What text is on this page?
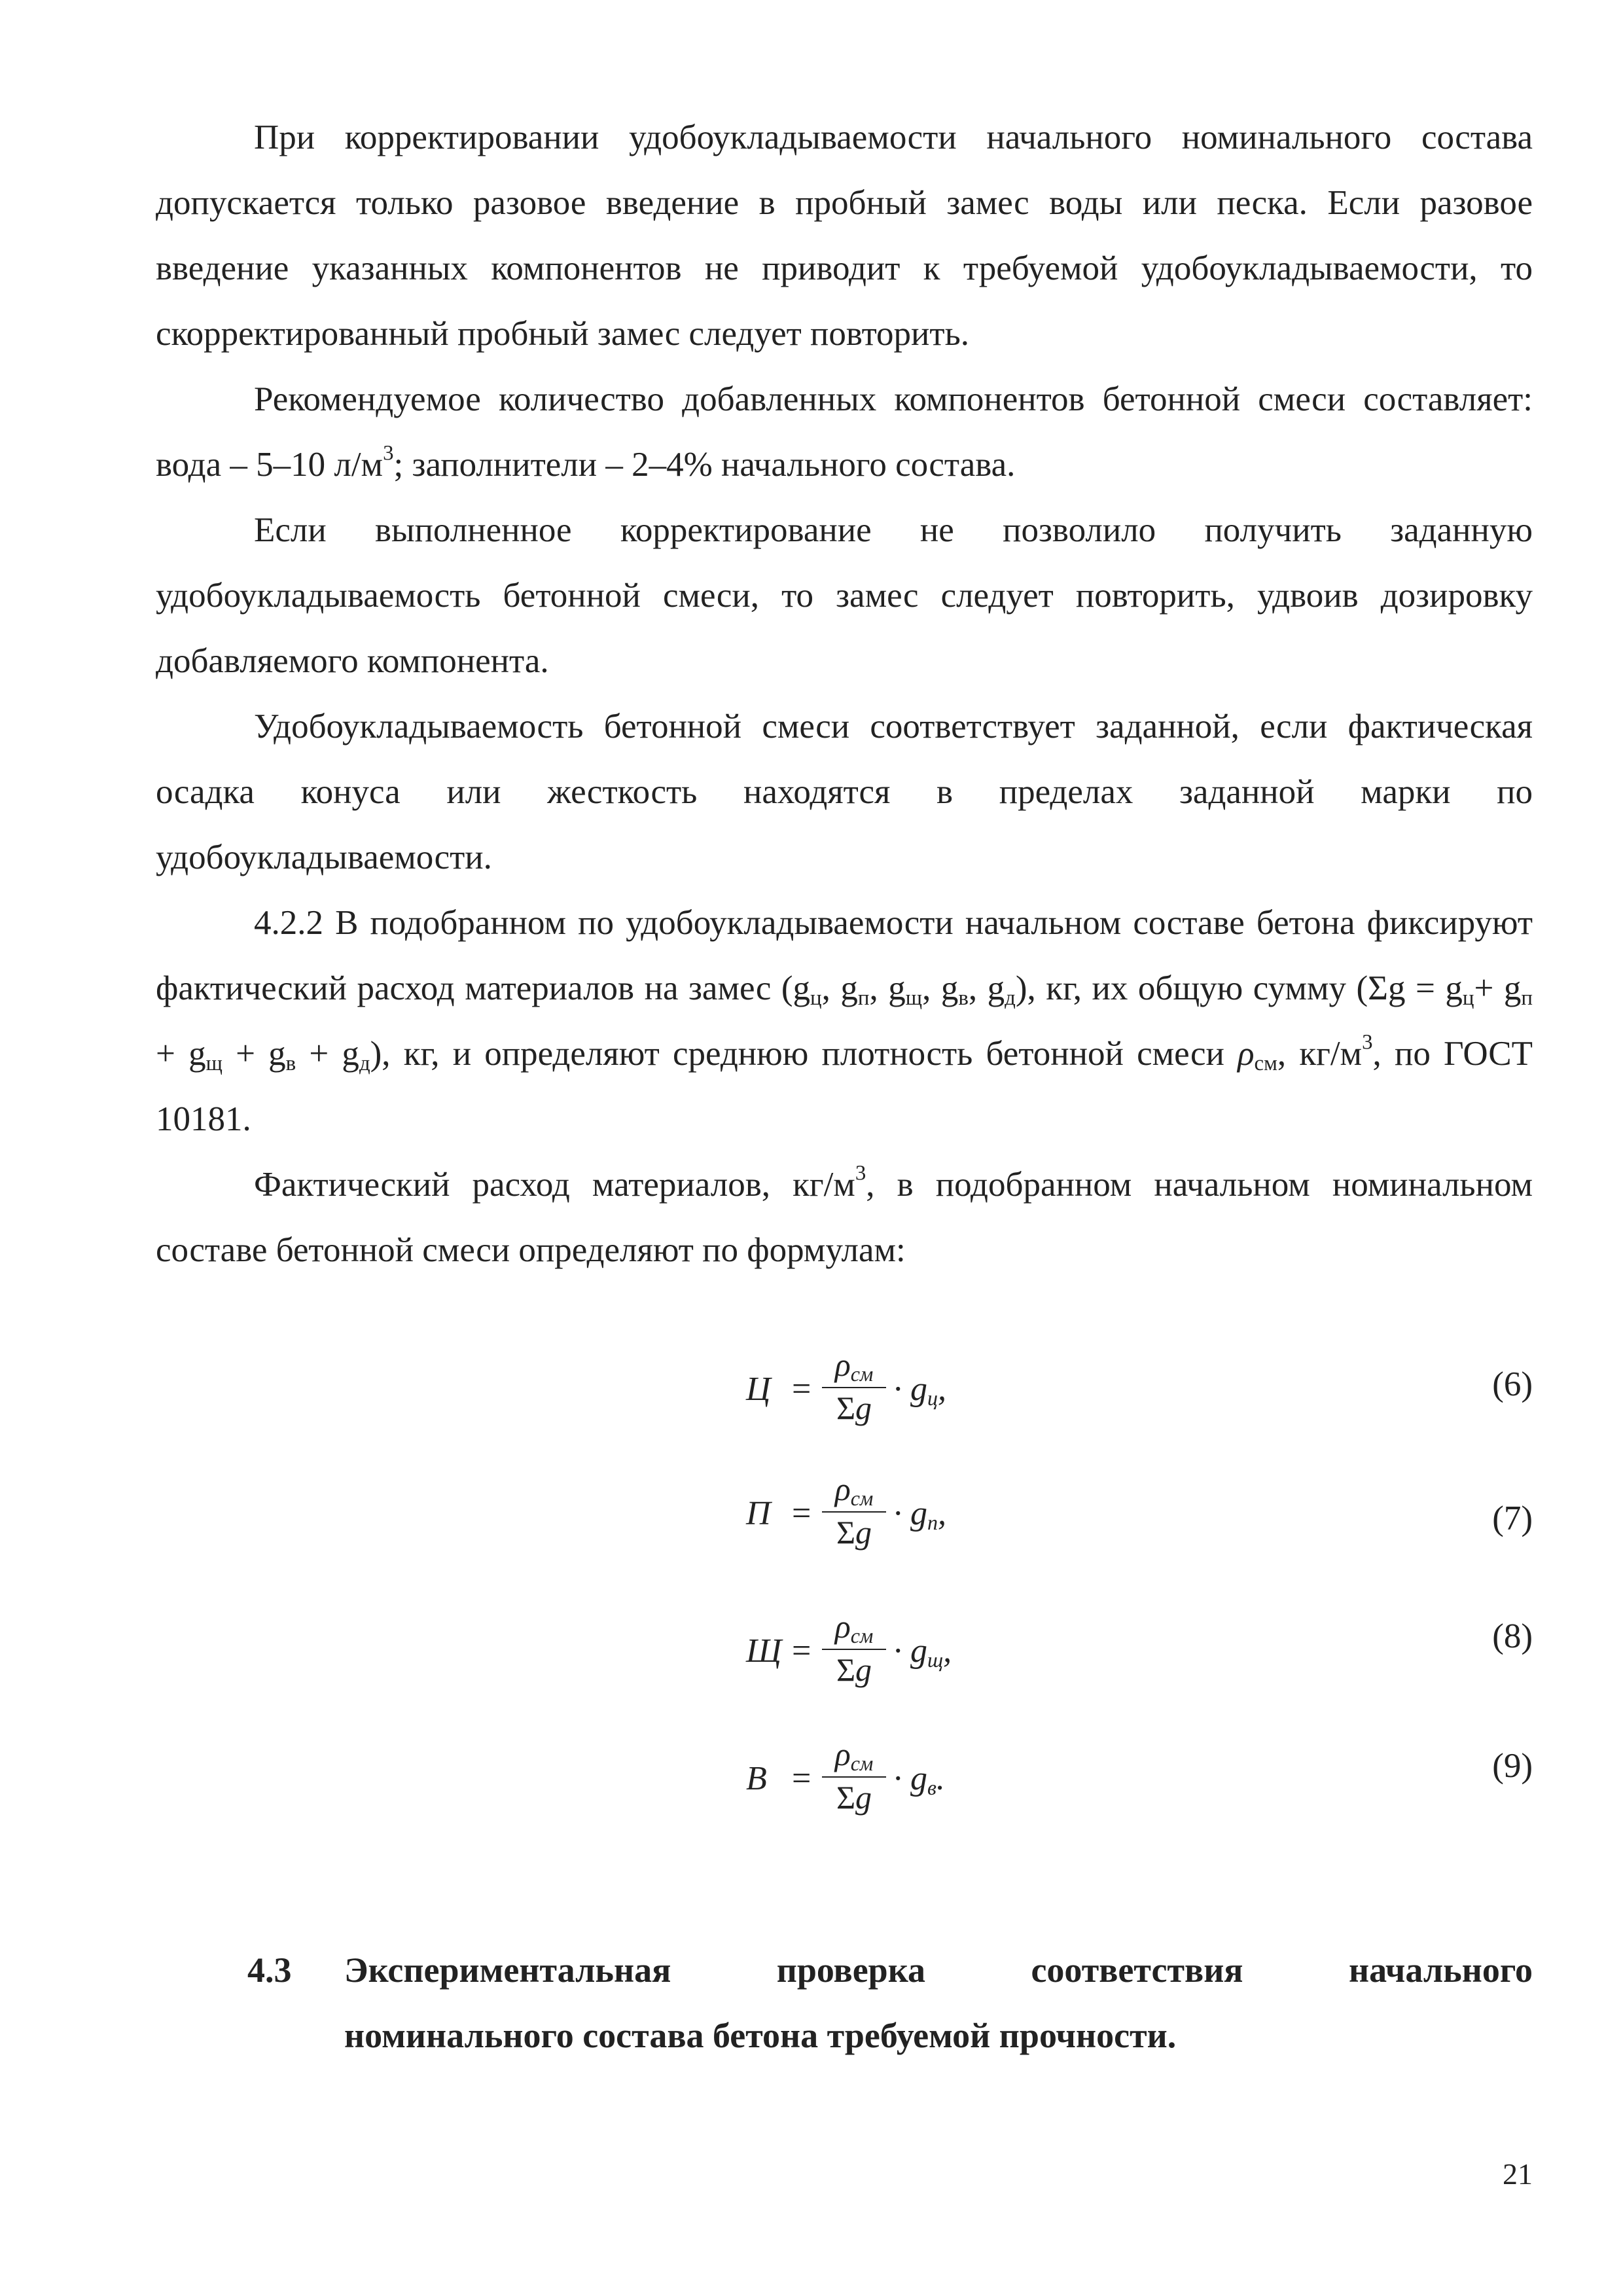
При корректировании удобоукладываемости начального номинального состава допускается только разовое введение в пробный замес воды или песка. Если разовое введение указанных компонентов не приводит к требуемой удобоукладываемости, то скорректированный пробный замес следует повторить.

Рекомендуемое количество добавленных компонентов бетонной смеси составляет: вода – 5–10 $л/м^3$; заполнители – 2–4% начального состава.

Если выполненное корректирование не позволило получить заданную удобоукладываемость бетонной смеси, то замес следует повторить, удвоив дозировку добавляемого компонента.

Удобоукладываемость бетонной смеси соответствует заданной, если фактическая осадка конуса или жесткость находятся в пределах заданной марки по удобоукладываемости.

4.2.2 В подобранном по удобоукладываемости начальном составе бетона фиксируют фактический расход материалов на замес ($g_ц$, $g_п$, $g_щ$, $g_в$, $g_д$), кг, их общую сумму $(\Sigma g = g_ц+ g_п + g_щ + g_в + g_д)$, кг, и определяют среднюю плотность бетонной смеси $\rho_{см}$, $кг/м^3$, по ГОСТ 10181.

Фактический расход материалов, $кг/м^3$, в подобранном начальном номинальном составе бетонной смеси определяют по формулам:

Ц =
$\rho_{см}$
$\Sigma g \cdot g_ц$,	(6)
П =
$\rho_{см}$
$\Sigma g \cdot g_п$,	(7)
Щ =
$\rho_{см}$
$\Sigma g \cdot g_щ$,	(8)
В =
$\rho_{см}$
$\Sigma g \cdot g_в$.	(9)
4.3 Экспериментальная проверка соответствия начального
номинального состава бетона требуемой прочности.
21
